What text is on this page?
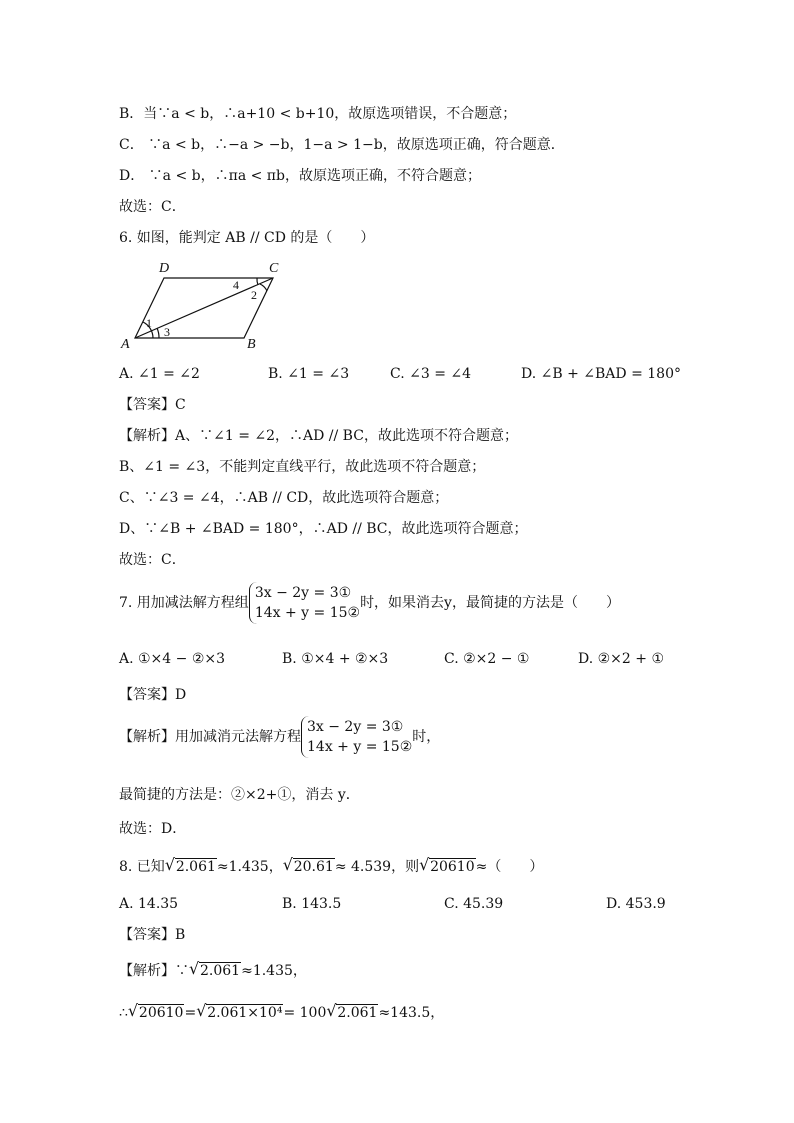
B．当∵a < b，∴a+10 < b+10，故原选项错误，不合题意；
C． ∵a < b，∴−a > −b，1−a > 1−b，故原选项正确，符合题意．
D． ∵a < b，∴πa < πb，故原选项正确，不符合题意；
故选：C．
6. 如图，能判定 AB // CD 的是（　　）
A	B
C
D
1
3
2
4
A. ∠1 = ∠2	B. ∠1 = ∠3	C. ∠3 = ∠4	D. ∠B + ∠BAD = 180°
【答案】C
【解析】A、∵∠1 = ∠2，∴AD // BC，故此选项不符合题意；
B、∠1 = ∠3，不能判定直线平行，故此选项不符合题意；
C、∵∠3 = ∠4，∴AB // CD，故此选项符合题意；
D、∵∠B + ∠BAD = 180°，∴AD // BC，故此选项符合题意；
故选：C．
7. 用加减法解方程组
3x − 2y = 3①
14x + y = 15②
时，如果消去y，最简捷的方法是（　　）
A. ①×4 − ②×3	B. ①×4 + ②×3	C. ②×2 − ①	D. ②×2 + ①
【答案】D
【解析】用加减消元法解方程
3x − 2y = 3①
14x + y = 15②
时，
最简捷的方法是：②×2+①，消去 y．
故选：D．
8. 已知 √ 2.061≈1.435， √ 20.61≈ 4.539，则 √ 20610≈（　　）
A. 14.35	B. 143.5	C. 45.39	D. 453.9
【答案】B
【解析】∵ √ 2.061≈1.435，
∴ √ 20610= √ 2.061×10⁴= 100 √ 2.061≈143.5，
